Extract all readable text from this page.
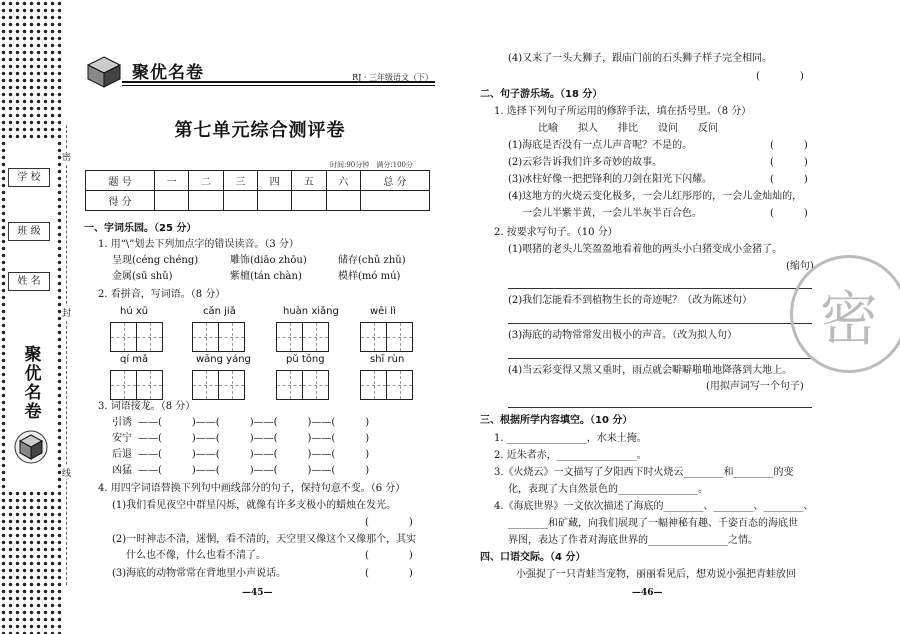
学 校
班 级
姓 名
聚优名卷
密
封
线
聚优名卷	RJ · 三年级语文（下）
第七单元综合测评卷
时间:90分钟　满分:100分
题 号	一	二	三	四	五	六	总 分
得 分							
一、字词乐园。（25 分）
1. 用“\”划去下列加点字的错误读音。（3 分）
呈现(céng chéng)	雕饰(diāo zhōu)	储存(chǔ zhǔ)
金属(sū shǔ)	紫檀(tán chàn)	模样(mó mú)
2. 看拼音，写词语。（8 分）
hú xū	cǎn jiǎ	huàn xiǎng	wēi lì
qí mǎ	wāng yáng	pǔ tōng	shī rùn
3. 词语接龙。（8 分）
引诱 ——(　　　)——(　　　)——(　　　)——(　　　)
安宁 ——(　　　)——(　　　)——(　　　)——(　　　)
后退 ——(　　　)——(　　　)——(　　　)——(　　　)
凶猛 ——(　　　)——(　　　)——(　　　)——(　　　)
4. 用四字词语替换下列句中画线部分的句子，保持句意不变。（6 分）
(1)我们看见夜空中群星闪烁，就像有许多支极小的蜡烛在发光。
(　　　　)
(2)一时神志不清，迷惘，看不清的，天空里又像这个又像那个，其实
什么也不像，什么也看不清了。	(　　　　)
(3)海底的动物常常在背地里小声说话。	(　　　　)
—45—
(4)又来了一头大狮子，跟庙门前的石头狮子样子完全相同。
(　　　　)
二、句子游乐场。（18 分）
1. 选择下列句子所运用的修辞手法，填在括号里。（8 分）
比喻　　拟人　　排比　　设问　　反问
(1)海底是否没有一点儿声音呢？不是的。	(　　　)
(2)云彩告诉我们许多奇妙的故事。	(　　　)
(3)冰柱好像一把把锋利的刀剑在阳光下闪耀。	(　　　)
(4)这地方的火烧云变化极多，一会儿红彤彤的，一会儿金灿灿的，
一会儿半紫半黄，一会儿半灰半百合色。	(　　　)
2. 按要求写句子。（10 分）
(1)喂猪的老头儿笑盈盈地看着他的两头小白猪变成小金猪了。
(缩句)
(2)我们怎能看不到植物生长的奇迹呢？（改为陈述句）
(3)海底的动物常常发出极小的声音。（改为拟人句）
(4)当云彩变得又黑又重时，雨点就会噼噼啪啪地降落到大地上。
(用拟声词写一个句子)
三、根据所学内容填空。（10 分）
1. ________________，水来土掩。
2. 近朱者赤，________________。
3.《火烧云》一文描写了夕阳西下时火烧云________和________的变
化，表现了大自然景色的________________。
4.《海底世界》一文依次描述了海底的________、________、________、
________和矿藏，向我们展现了一幅神秘有趣、千姿百态的海底世
界图，表达了作者对海底世界的________________之情。
四、口语交际。（4 分）
小强捉了一只青蛙当宠物，丽丽看见后，想劝说小强把青蛙放回
—46—
密
